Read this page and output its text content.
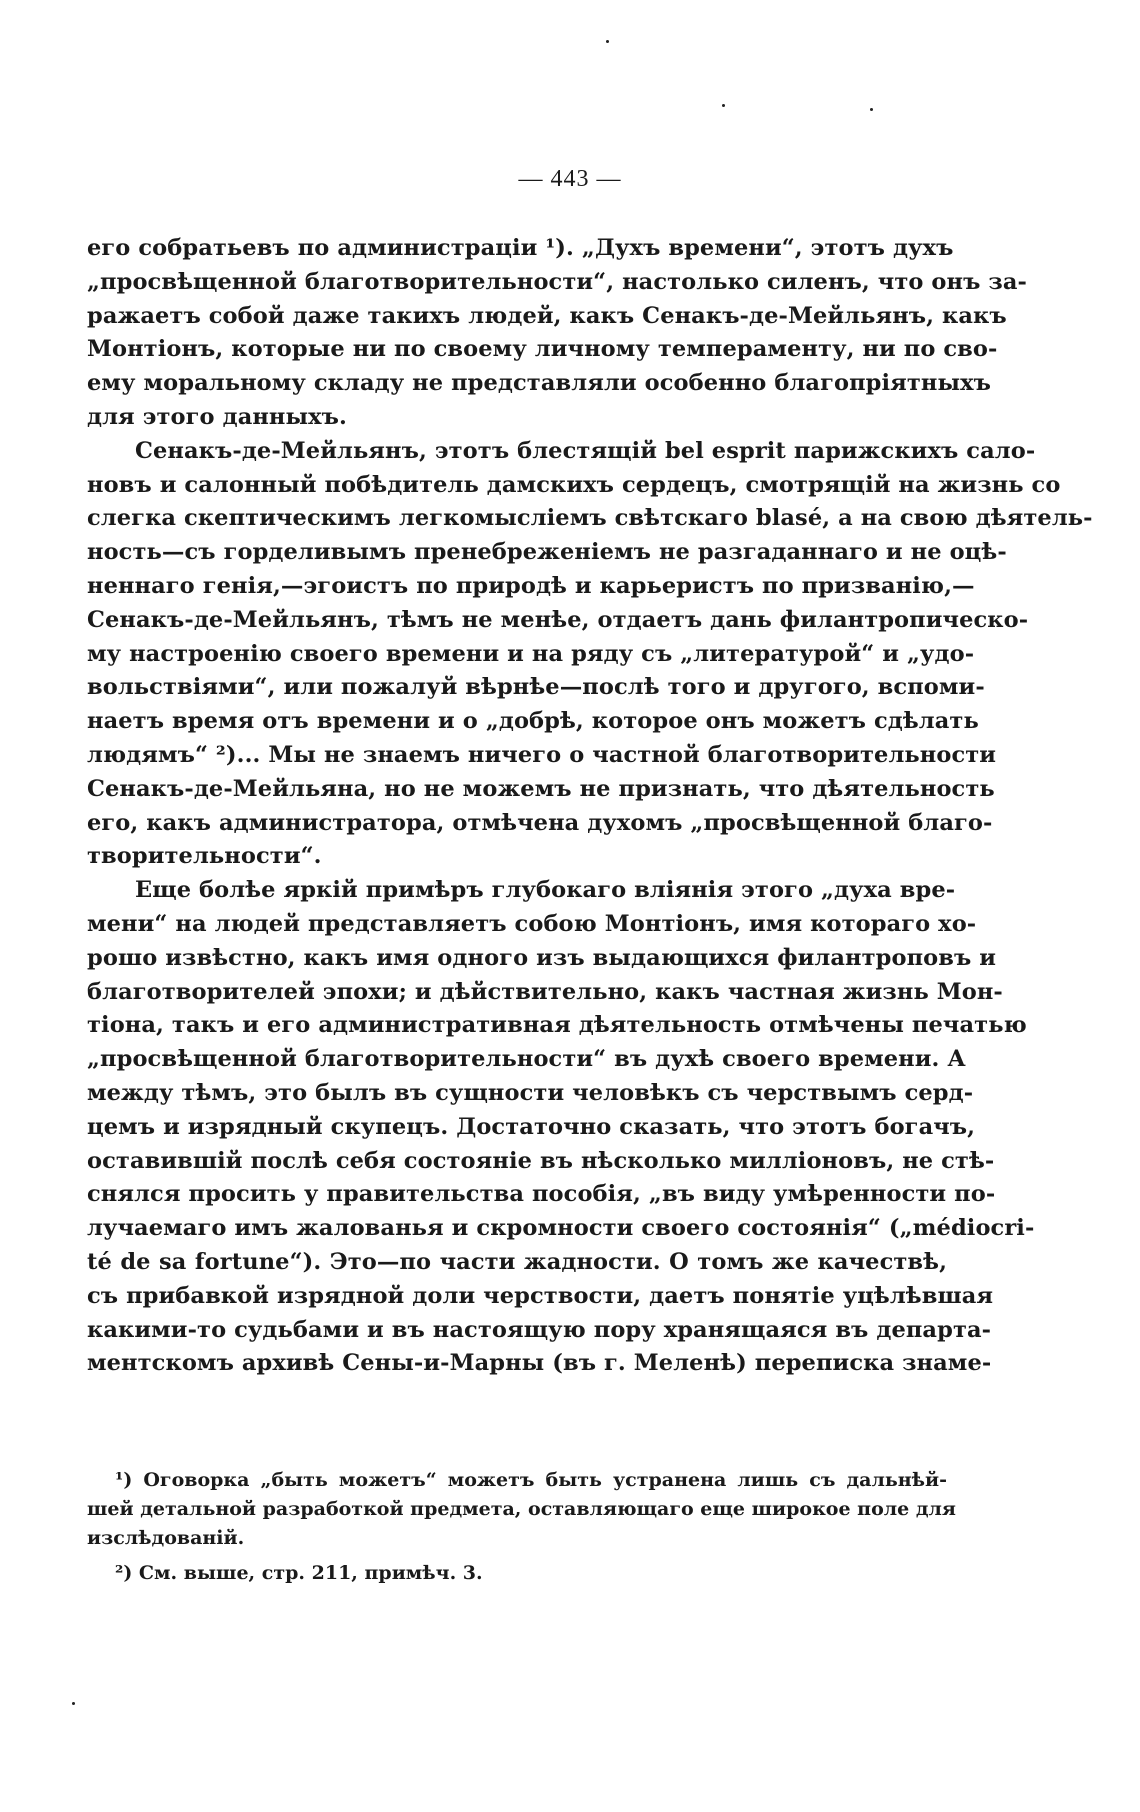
— 443 —
его собратьевъ по администраціи ¹). „Духъ времени“, этотъ духъ
„просвѣщенной благотворительности“, настолько силенъ, что онъ за-
ражаетъ собой даже такихъ людей, какъ Сенакъ-де-Мейльянъ, какъ
Монтіонъ, которые ни по своему личному темпераменту, ни по сво-
ему моральному складу не представляли особенно благопріятныхъ
для этого данныхъ.
Сенакъ-де-Мейльянъ, этотъ блестящій bel esprit парижскихъ сало-
новъ и салонный побѣдитель дамскихъ сердецъ, смотрящій на жизнь со
слегка скептическимъ легкомысліемъ свѣтскаго blasé, а на свою дѣятель-
ность—съ горделивымъ пренебреженіемъ не разгаданнаго и не оцѣ-
неннаго генія,—эгоистъ по природѣ и карьеристъ по призванію,—
Сенакъ-де-Мейльянъ, тѣмъ не менѣе, отдаетъ дань филантропическо-
му настроенію своего времени и на ряду съ „литературой“ и „удо-
вольствіями“, или пожалуй вѣрнѣе—послѣ того и другого, вспоми-
наетъ время отъ времени и о „добрѣ, которое онъ можетъ сдѣлать
людямъ“ ²)... Мы не знаемъ ничего о частной благотворительности
Сенакъ-де-Мейльяна, но не можемъ не признать, что дѣятельность
его, какъ администратора, отмѣчена духомъ „просвѣщенной благо-
творительности“.
Еще болѣе яркій примѣръ глубокаго вліянія этого „духа вре-
мени“ на людей представляетъ собою Монтіонъ, имя котораго хо-
рошо извѣстно, какъ имя одного изъ выдающихся филантроповъ и
благотворителей эпохи; и дѣйствительно, какъ частная жизнь Мон-
тіона, такъ и его административная дѣятельность отмѣчены печатью
„просвѣщенной благотворительности“ въ духѣ своего времени. А
между тѣмъ, это былъ въ сущности человѣкъ съ черствымъ серд-
цемъ и изрядный скупецъ. Достаточно сказать, что этотъ богачъ,
оставившій послѣ себя состояніе въ нѣсколько милліоновъ, не стѣ-
снялся просить у правительства пособія, „въ виду умѣренности по-
лучаемаго имъ жалованья и скромности своего состоянія“ („médiocri-
té de sa fortune“). Это—по части жадности. О томъ же качествѣ,
съ прибавкой изрядной доли черствости, даетъ понятіе уцѣлѣвшая
какими-то судьбами и въ настоящую пору хранящаяся въ департа-
ментскомъ архивѣ Сены-и-Марны (въ г. Меленѣ) переписка знаме-
¹) Оговорка „быть можетъ“ можетъ быть устранена лишь съ дальнѣй-
шей детальной разработкой предмета, оставляющаго еще широкое поле для
изслѣдованій.
²) См. выше, стр. 211, примѣч. 3.
